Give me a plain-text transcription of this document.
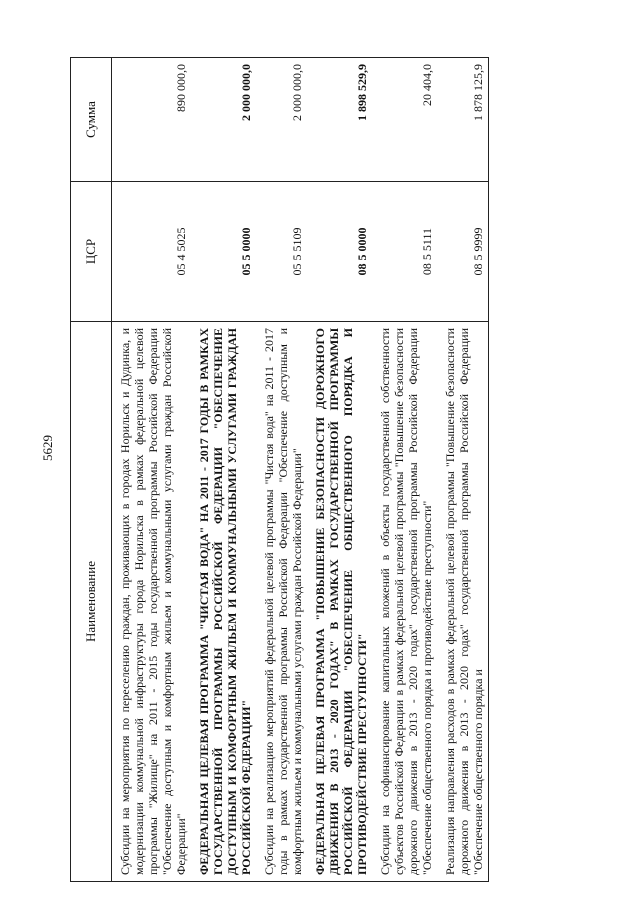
5629
Наименование	ЦСР	Сумма
Субсидии на мероприятия по переселению граждан, проживающих в городах Норильск и Дудинка, и модернизации коммунальной инфраструктуры города Норильска в рамках федеральной целевой программы "Жилище" на 2011 - 2015 годы государственной программы Российской Федерации "Обеспечение доступным и комфортным жильем и коммунальными услугами граждан Российской Федерации"	05 4 5025	890 000,0
ФЕДЕРАЛЬНАЯ ЦЕЛЕВАЯ ПРОГРАММА "ЧИСТАЯ ВОДА" НА 2011 - 2017 ГОДЫ В РАМКАХ ГОСУДАРСТВЕННОЙ ПРОГРАММЫ РОССИЙСКОЙ ФЕДЕРАЦИИ "ОБЕСПЕЧЕНИЕ ДОСТУПНЫМ И КОМФОРТНЫМ ЖИЛЬЕМ И КОММУНАЛЬНЫМИ УСЛУГАМИ ГРАЖДАН РОССИЙСКОЙ ФЕДЕРАЦИИ"	05 5 0000	2 000 000,0
Субсидии на реализацию мероприятий федеральной целевой программы "Чистая вода" на 2011 - 2017 годы в рамках государственной программы Российской Федерации "Обеспечение доступным и комфортным жильем и коммунальными услугами граждан Российской Федерации"	05 5 5109	2 000 000,0
ФЕДЕРАЛЬНАЯ ЦЕЛЕВАЯ ПРОГРАММА "ПОВЫШЕНИЕ БЕЗОПАСНОСТИ ДОРОЖНОГО ДВИЖЕНИЯ В 2013 - 2020 ГОДАХ" В РАМКАХ ГОСУДАРСТВЕННОЙ ПРОГРАММЫ РОССИЙСКОЙ ФЕДЕРАЦИИ "ОБЕСПЕЧЕНИЕ ОБЩЕСТВЕННОГО ПОРЯДКА И ПРОТИВОДЕЙСТВИЕ ПРЕСТУПНОСТИ"	08 5 0000	1 898 529,9
Субсидии на софинансирование капитальных вложений в объекты государственной собственности субъектов Российской Федерации в рамках федеральной целевой программы "Повышение безопасности дорожного движения в 2013 - 2020 годах" государственной программы Российской Федерации "Обеспечение общественного порядка и противодействие преступности"	08 5 5111	20 404,0
Реализация направления расходов в рамках федеральной целевой программы "Повышение безопасности дорожного движения в 2013 - 2020 годах" государственной программы Российской Федерации "Обеспечение общественного порядка и	08 5 9999	1 878 125,9
